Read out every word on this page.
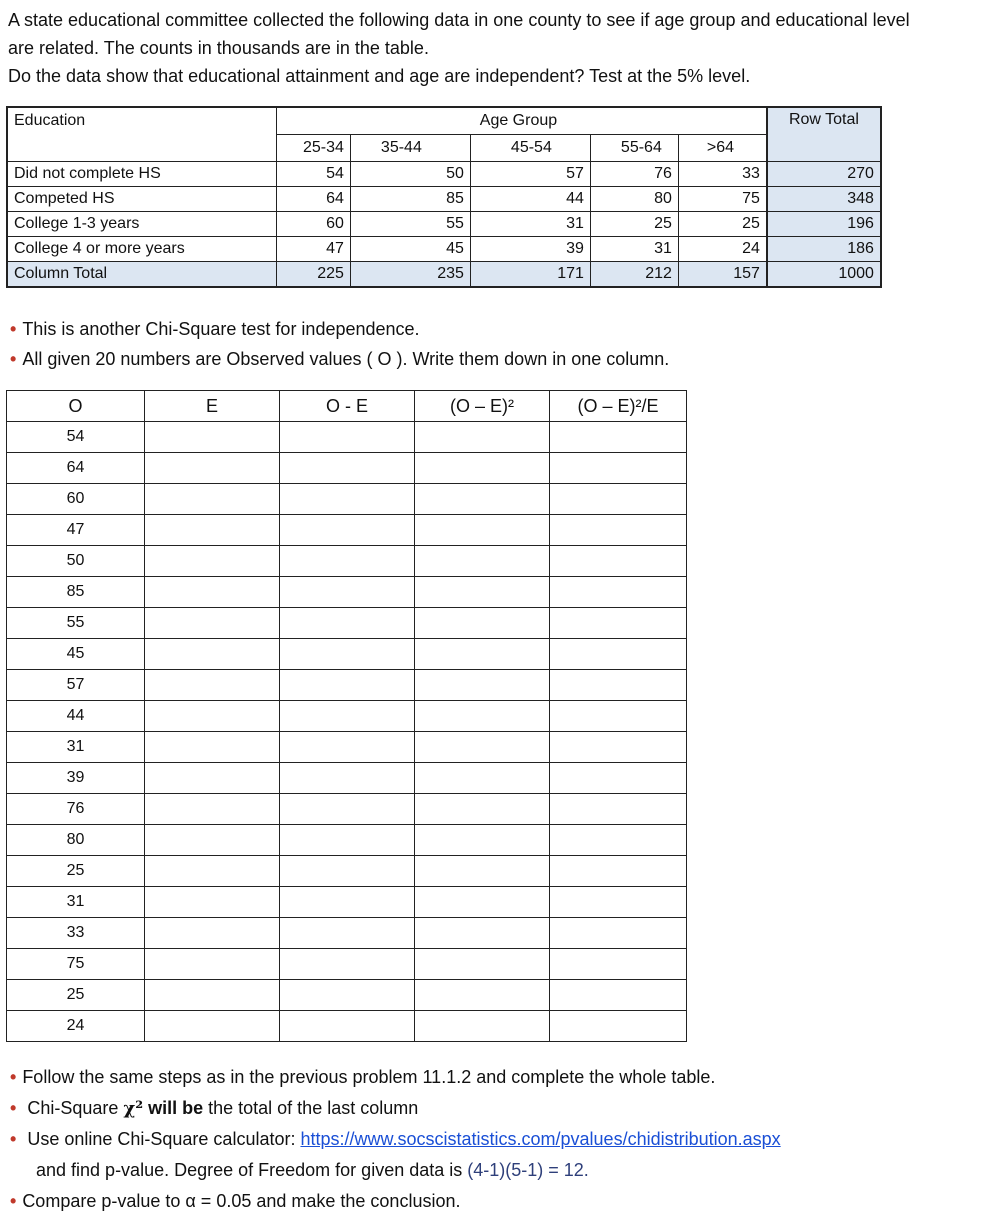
A state educational committee collected the following data in one county to see if age group and educational level
are related. The counts in thousands are in the table.
Do the data show that educational attainment and age are independent? Test at the 5% level.
Education	Age Group					Row Total
	25-34	35-44	45-54	55-64	>64	
Did not complete HS	54	50	57	76	33	270
Competed HS	64	85	44	80	75	348
College 1-3 years	60	55	31	25	25	196
College 4 or more years	47	45	39	31	24	186
Column Total	225	235	171	212	157	1000
• This is another Chi-Square test for independence.
• All given 20 numbers are Observed values ( O ). Write them down in one column.
O	E	O - E	(O – E)²	(O – E)²/E
54				
64				
60				
47				
50				
85				
55				
45				
57				
44				
31				
39				
76				
80				
25				
31				
33				
75				
25				
24				
• Follow the same steps as in the previous problem 11.1.2 and complete the whole table.
• Chi-Square χ² will be the total of the last column
• Use online Chi-Square calculator: https://www.socscistatistics.com/pvalues/chidistribution.aspx
and find p-value. Degree of Freedom for given data is (4-1)(5-1) = 12.
• Compare p-value to α = 0.05 and make the conclusion.
